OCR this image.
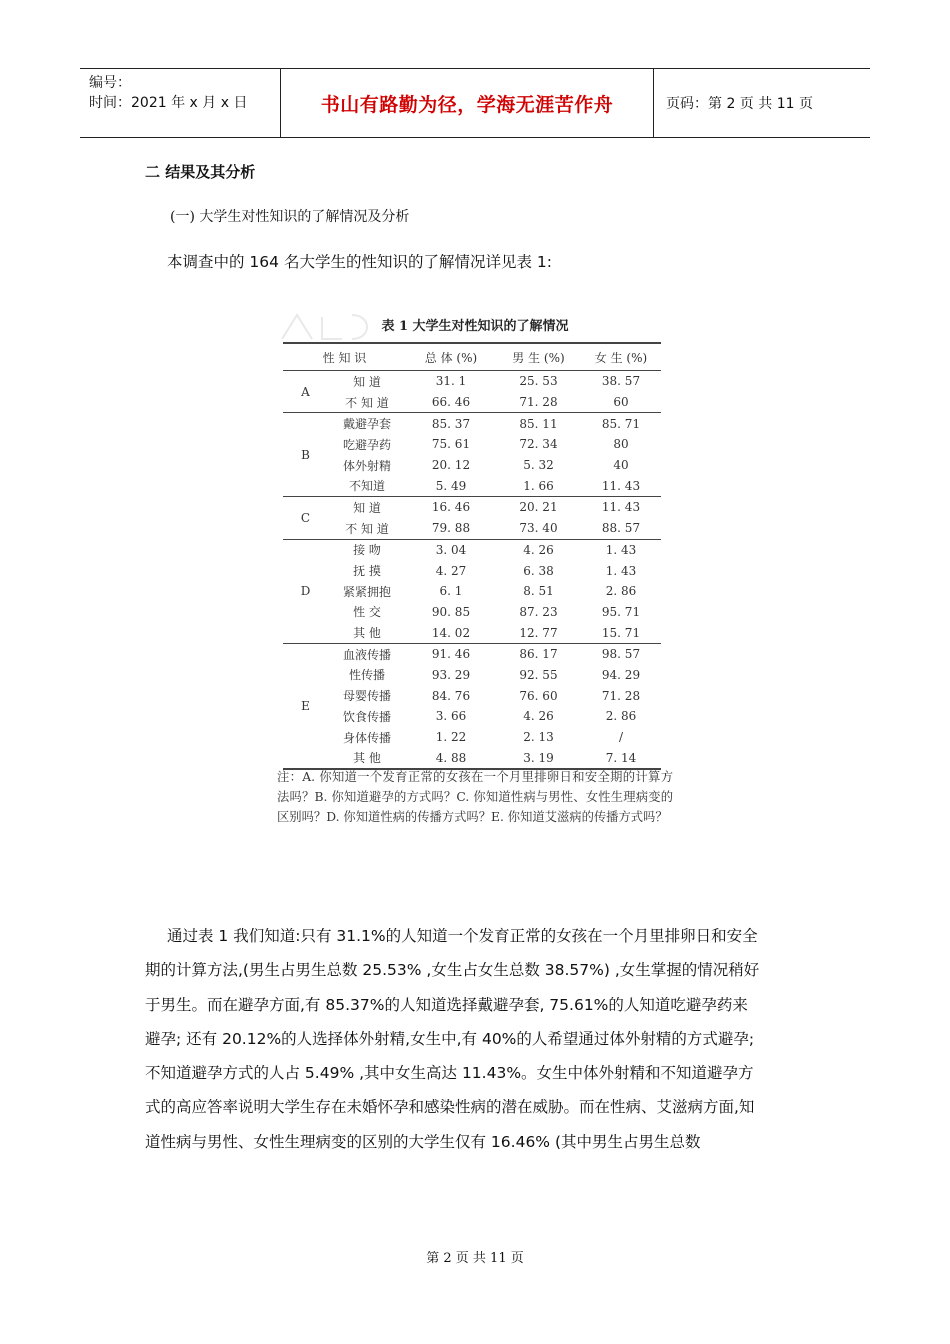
编号：
时间：2021 年 x 月 x 日	书山有路勤为径，学海无涯苦作舟	页码：第 2 页 共 11 页
二 结果及其分析
(一) 大学生对性知识的了解情况及分析
本调查中的 164 名大学生的性知识的了解情况详见表 1:
表 1 大学生对性知识的了解情况
性 知 识		总 体 (%)	男 生 (%)	女 生 (%)
A	知 道	31. 1	25. 53	38. 57
	不 知 道	66. 46	71. 28	60
B	戴避孕套	85. 37	85. 11	85. 71
	吃避孕药	75. 61	72. 34	80
	体外射精	20. 12	5. 32	40
	不知道	5. 49	1. 66	11. 43
C	知 道	16. 46	20. 21	11. 43
	不 知 道	79. 88	73. 40	88. 57
D	接 吻	3. 04	4. 26	1. 43
	抚 摸	4. 27	6. 38	1. 43
	紧紧拥抱	6. 1	8. 51	2. 86
	性 交	90. 85	87. 23	95. 71
	其 他	14. 02	12. 77	15. 71
E	血液传播	91. 46	86. 17	98. 57
	性传播	93. 29	92. 55	94. 29
	母婴传播	84. 76	76. 60	71. 28
	饮食传播	3. 66	4. 26	2. 86
	身体传播	1. 22	2. 13	/
	其 他	4. 88	3. 19	7. 14
注：A. 你知道一个发育正常的女孩在一个月里排卵日和安全期的计算方法吗？B. 你知道避孕的方式吗？C. 你知道性病与男性、女性生理病变的区别吗？D. 你知道性病的传播方式吗？E. 你知道艾滋病的传播方式吗？
通过表 1 我们知道:只有 31.1%的人知道一个发育正常的女孩在一个月里排卵日和安全
期的计算方法,(男生占男生总数 25.53% ,女生占女生总数 38.57%) ,女生掌握的情况稍好
于男生。而在避孕方面,有 85.37%的人知道选择戴避孕套, 75.61%的人知道吃避孕药来
避孕; 还有 20.12%的人选择体外射精,女生中,有 40%的人希望通过体外射精的方式避孕;
不知道避孕方式的人占 5.49% ,其中女生高达 11.43%。女生中体外射精和不知道避孕方
式的高应答率说明大学生存在未婚怀孕和感染性病的潜在威胁。而在性病、艾滋病方面,知
道性病与男性、女性生理病变的区别的大学生仅有 16.46% (其中男生占男生总数
第 2 页 共 11 页
